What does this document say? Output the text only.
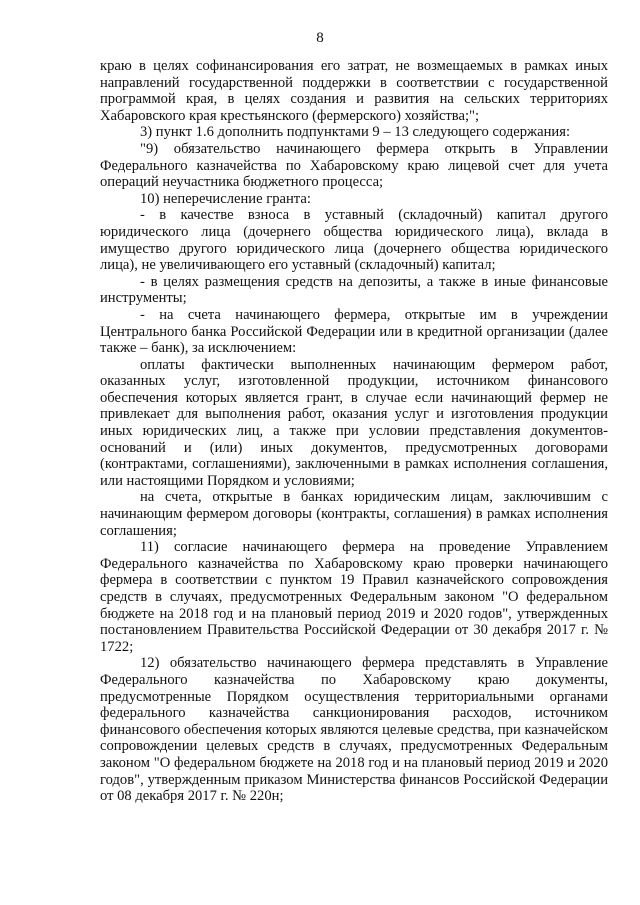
8

краю в целях софинансирования его затрат, не возмещаемых в рамках иных направлений государственной поддержки в соответствии с государственной программой края, в целях создания и развития на сельских территориях Хабаровского края крестьянского (фермерского) хозяйства;";

3) пункт 1.6 дополнить подпунктами 9 – 13 следующего содержания:

"9) обязательство начинающего фермера открыть в Управлении Федерального казначейства по Хабаровскому краю лицевой счет для учета операций неучастника бюджетного процесса;

10) неперечисление гранта:

- в качестве взноса в уставный (складочный) капитал другого юридического лица (дочернего общества юридического лица), вклада в имущество другого юридического лица (дочернего общества юридического лица), не увеличивающего его уставный (складочный) капитал;

- в целях размещения средств на депозиты, а также в иные финансовые инструменты;

- на счета начинающего фермера, открытые им в учреждении Центрального банка Российской Федерации или в кредитной организации (далее также – банк), за исключением:

оплаты фактически выполненных начинающим фермером работ, оказанных услуг, изготовленной продукции, источником финансового обеспечения которых является грант, в случае если начинающий фермер не привлекает для выполнения работ, оказания услуг и изготовления продукции иных юридических лиц, а также при условии представления документов-оснований и (или) иных документов, предусмотренных договорами (контрактами, соглашениями), заключенными в рамках исполнения соглашения, или настоящими Порядком и условиями;

на счета, открытые в банках юридическим лицам, заключившим с начинающим фермером договоры (контракты, соглашения) в рамках исполнения соглашения;

11) согласие начинающего фермера на проведение Управлением Федерального казначейства по Хабаровскому краю проверки начинающего фермера в соответствии с пунктом 19 Правил казначейского сопровождения средств в случаях, предусмотренных Федеральным законом "О федеральном бюджете на 2018 год и на плановый период 2019 и 2020 годов", утвержденных постановлением Правительства Российской Федерации от 30 декабря 2017 г. № 1722;

12) обязательство начинающего фермера представлять в Управление Федерального казначейства по Хабаровскому краю документы, предусмотренные Порядком осуществления территориальными органами федерального казначейства санкционирования расходов, источником финансового обеспечения которых являются целевые средства, при казначейском сопровождении целевых средств в случаях, предусмотренных Федеральным законом "О федеральном бюджете на 2018 год и на плановый период 2019 и 2020 годов", утвержденным приказом Министерства финансов Российской Федерации от 08 декабря 2017 г. № 220н;
